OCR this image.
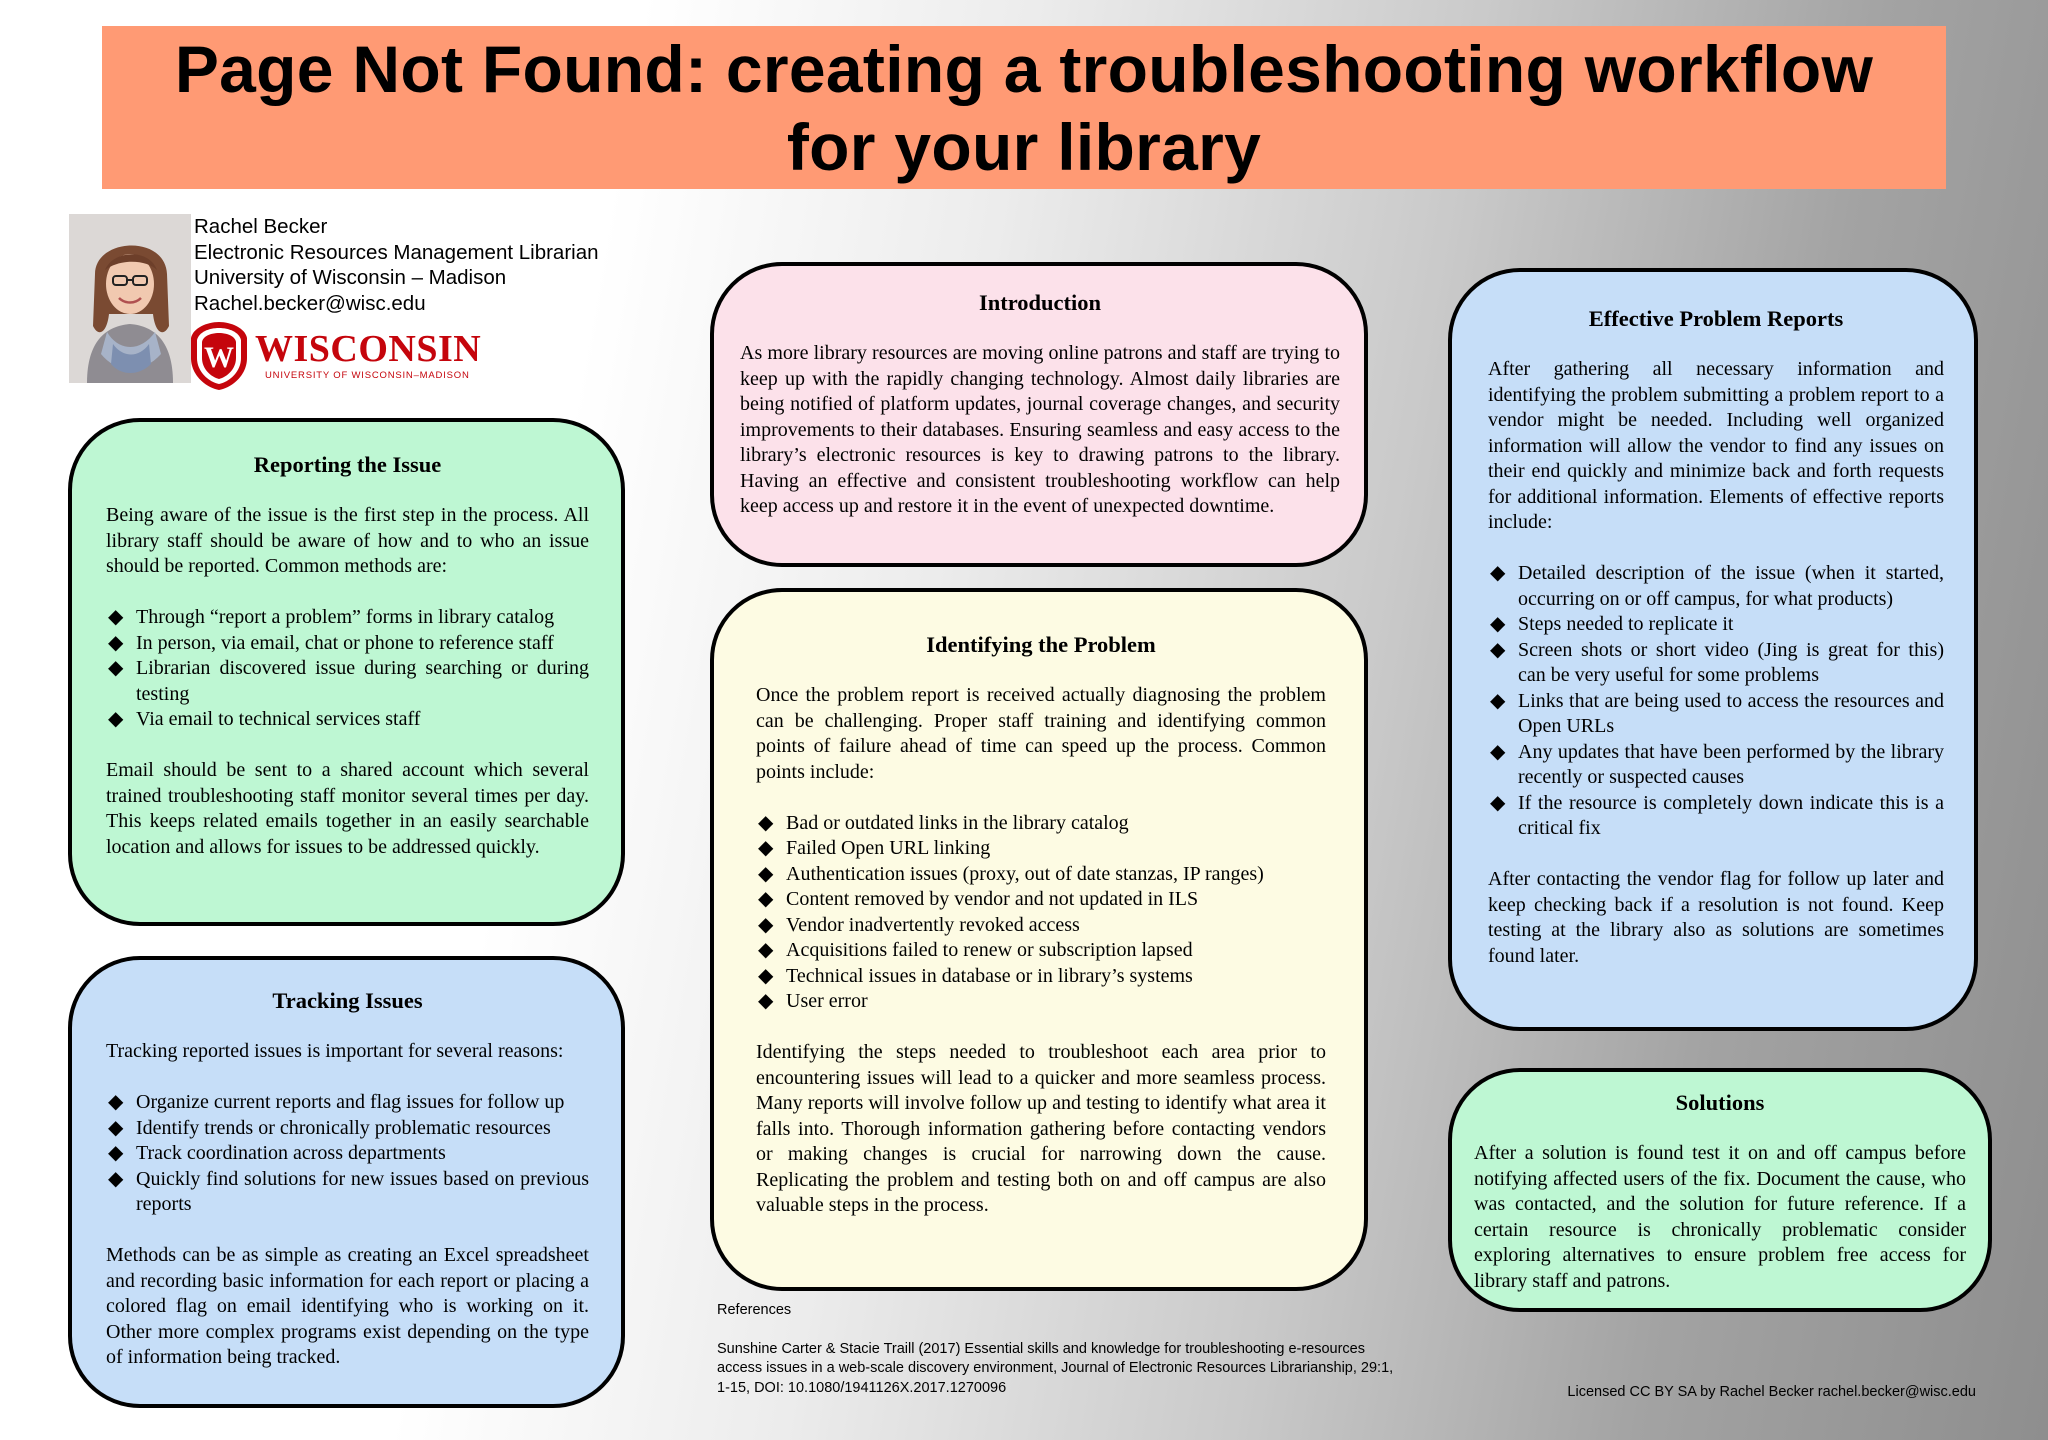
Page Not Found: creating a troubleshooting workflow for your library
Rachel Becker
Electronic Resources Management Librarian
University of Wisconsin – Madison
Rachel.becker@wisc.edu
W WISCONSIN
UNIVERSITY OF WISCONSIN–MADISON
Reporting the Issue

Being aware of the issue is the first step in the process. All library staff should be aware of how and to who an issue should be reported. Common methods are:

◆ Through “report a problem” forms in library catalog
◆ In person, via email, chat or phone to reference staff
◆ Librarian discovered issue during searching or during testing
◆ Via email to technical services staff

Email should be sent to a shared account which several trained troubleshooting staff monitor several times per day. This keeps related emails together in an easily searchable location and allows for issues to be addressed quickly.

Tracking Issues

Tracking reported issues is important for several reasons:

◆ Organize current reports and flag issues for follow up
◆ Identify trends or chronically problematic resources
◆ Track coordination across departments
◆ Quickly find solutions for new issues based on previous reports

Methods can be as simple as creating an Excel spreadsheet and recording basic information for each report or placing a colored flag on email identifying who is working on it. Other more complex programs exist depending on the type of information being tracked.

Introduction

As more library resources are moving online patrons and staff are trying to keep up with the rapidly changing technology. Almost daily libraries are being notified of platform updates, journal coverage changes, and security improvements to their databases. Ensuring seamless and easy access to the library’s electronic resources is key to drawing patrons to the library. Having an effective and consistent troubleshooting workflow can help keep access up and restore it in the event of unexpected downtime.

Identifying the Problem

Once the problem report is received actually diagnosing the problem can be challenging. Proper staff training and identifying common points of failure ahead of time can speed up the process. Common points include:

◆ Bad or outdated links in the library catalog
◆ Failed Open URL linking
◆ Authentication issues (proxy, out of date stanzas, IP ranges)
◆ Content removed by vendor and not updated in ILS
◆ Vendor inadvertently revoked access
◆ Acquisitions failed to renew or subscription lapsed
◆ Technical issues in database or in library’s systems
◆ User error

Identifying the steps needed to troubleshoot each area prior to encountering issues will lead to a quicker and more seamless process. Many reports will involve follow up and testing to identify what area it falls into. Thorough information gathering before contacting vendors or making changes is crucial for narrowing down the cause. Replicating the problem and testing both on and off campus are also valuable steps in the process.

Effective Problem Reports

After gathering all necessary information and identifying the problem submitting a problem report to a vendor might be needed. Including well organized information will allow the vendor to find any issues on their end quickly and minimize back and forth requests for additional information. Elements of effective reports include:

◆ Detailed description of the issue (when it started, occurring on or off campus, for what products)
◆ Steps needed to replicate it
◆ Screen shots or short video (Jing is great for this) can be very useful for some problems
◆ Links that are being used to access the resources and Open URLs
◆ Any updates that have been performed by the library recently or suspected causes
◆ If the resource is completely down indicate this is a critical fix

After contacting the vendor flag for follow up later and keep checking back if a resolution is not found. Keep testing at the library also as solutions are sometimes found later.

Solutions

After a solution is found test it on and off campus before notifying affected users of the fix. Document the cause, who was contacted, and the solution for future reference. If a certain resource is chronically problematic consider exploring alternatives to ensure problem free access for library staff and patrons.

References
Sunshine Carter & Stacie Traill (2017) Essential skills and knowledge for troubleshooting e-resources access issues in a web-scale discovery environment, Journal of Electronic Resources Librarianship, 29:1, 1-15, DOI: 10.1080/1941126X.2017.1270096	Licensed CC BY SA by Rachel Becker rachel.becker@wisc.edu
